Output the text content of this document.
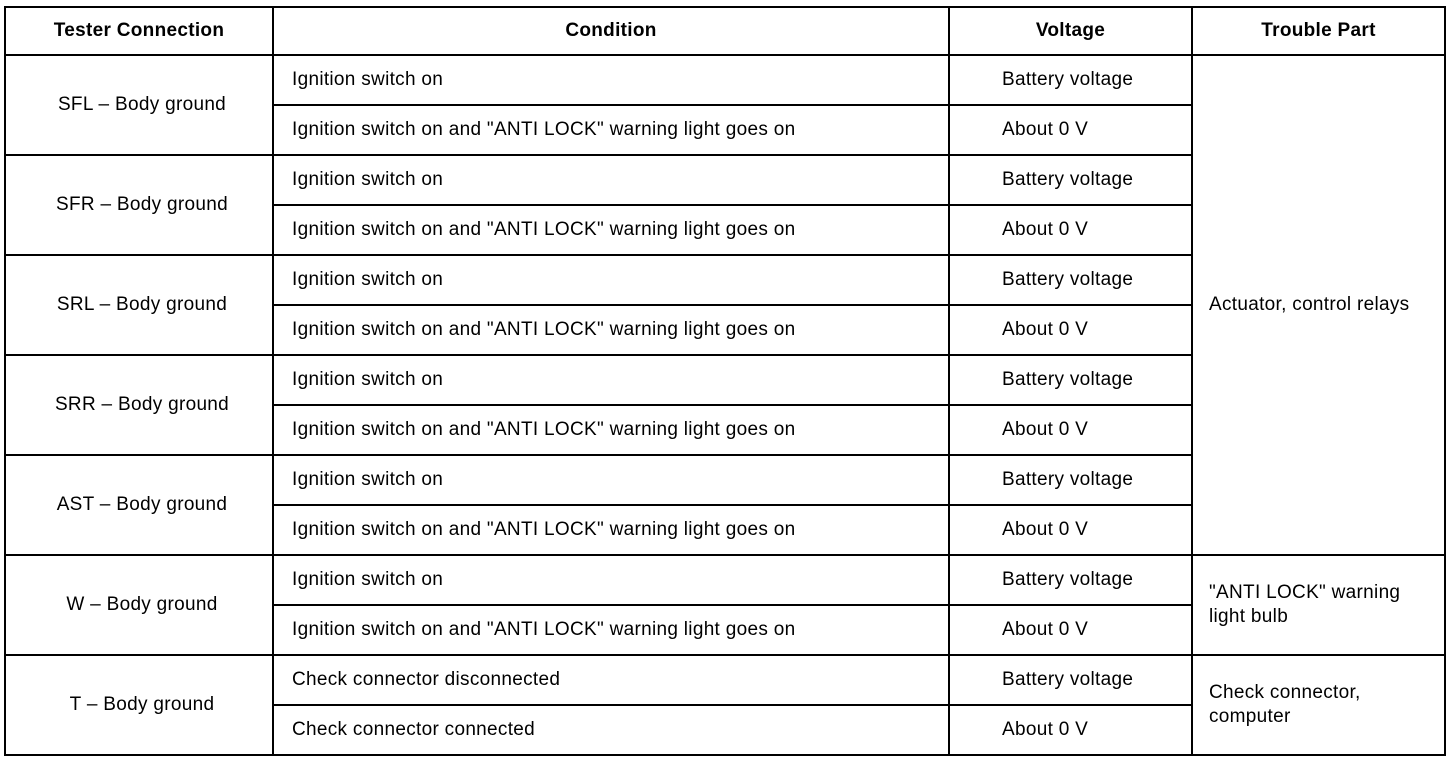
Tester Connection	Condition	Voltage	Trouble Part
SFL – Body ground	Ignition switch on	Battery voltage	Actuator, control relays

	Ignition switch on and "ANTI LOCK" warning light goes on	About 0 V	
SFR – Body ground	Ignition switch on	Battery voltage	
	Ignition switch on and "ANTI LOCK" warning light goes on	About 0 V	
SRL – Body ground	Ignition switch on	Battery voltage	
	Ignition switch on and "ANTI LOCK" warning light goes on	About 0 V	
SRR – Body ground	Ignition switch on	Battery voltage	
	Ignition switch on and "ANTI LOCK" warning light goes on	About 0 V	
AST – Body ground	Ignition switch on	Battery voltage	
	Ignition switch on and "ANTI LOCK" warning light goes on	About 0 V	
W – Body ground	Ignition switch on	Battery voltage	"ANTI LOCK" warning light bulb

	Ignition switch on and "ANTI LOCK" warning light goes on	About 0 V	
T – Body ground	Check connector disconnected	Battery voltage	Check connector, computer

	Check connector connected	About 0 V	
